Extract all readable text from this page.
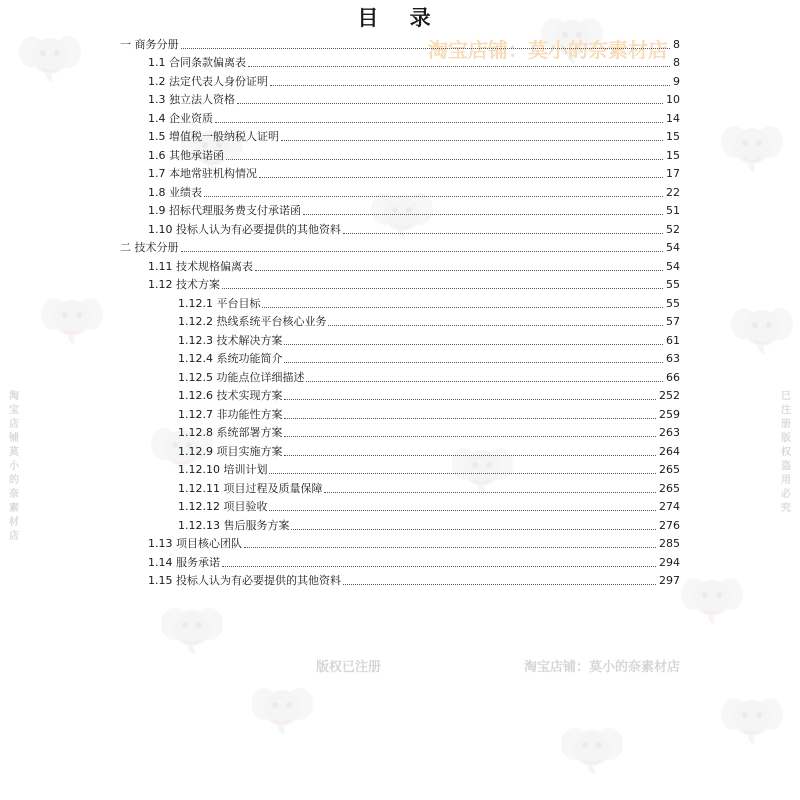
淘宝店铺：莫小的奈素材店
版权已注册	淘宝店铺：莫小的奈素材店
淘宝店铺莫小的奈素材店
已注册版权盗用必究
目 录
一 商务分册	8
1.1 合同条款偏离表	8
1.2 法定代表人身份证明	9
1.3 独立法人资格	10
1.4 企业资质	14
1.5 增值税一般纳税人证明	15
1.6 其他承诺函	15
1.7 本地常驻机构情况	17
1.8 业绩表	22
1.9 招标代理服务费支付承诺函	51
1.10 投标人认为有必要提供的其他资料	52
二 技术分册	54
1.11 技术规格偏离表	54
1.12 技术方案	55
1.12.1 平台目标	55
1.12.2 热线系统平台核心业务	57
1.12.3 技术解决方案	61
1.12.4 系统功能简介	63
1.12.5 功能点位详细描述	66
1.12.6 技术实现方案	252
1.12.7 非功能性方案	259
1.12.8 系统部署方案	263
1.12.9 项目实施方案	264
1.12.10 培训计划	265
1.12.11 项目过程及质量保障	265
1.12.12 项目验收	274
1.12.13 售后服务方案	276
1.13 项目核心团队	285
1.14 服务承诺	294
1.15 投标人认为有必要提供的其他资料	297
